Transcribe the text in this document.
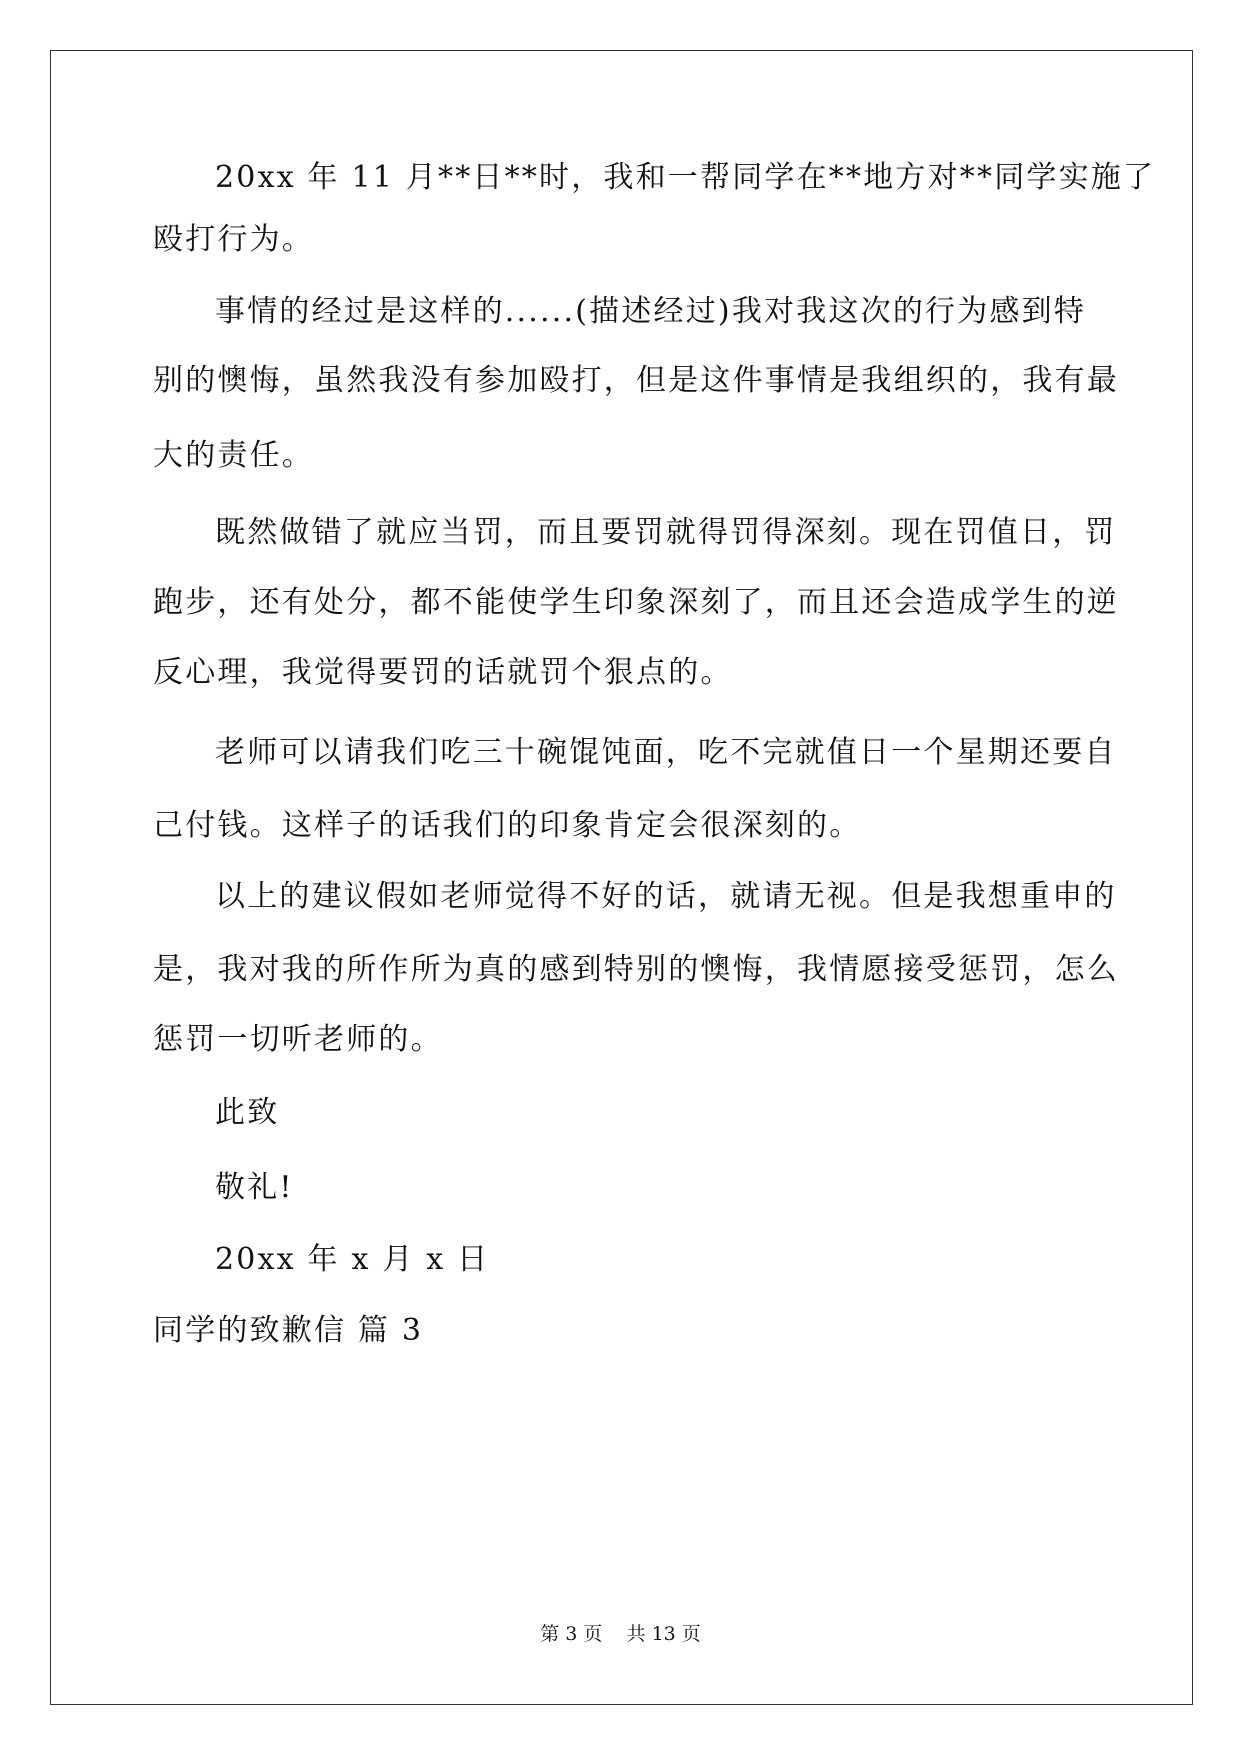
20xx 年 11 月**日**时，我和一帮同学在**地方对**同学实施了
殴打行为。
事情的经过是这样的......(描述经过)我对我这次的行为感到特
别的懊悔，虽然我没有参加殴打，但是这件事情是我组织的，我有最
大的责任。
既然做错了就应当罚，而且要罚就得罚得深刻。现在罚值日，罚
跑步，还有处分，都不能使学生印象深刻了，而且还会造成学生的逆
反心理，我觉得要罚的话就罚个狠点的。
老师可以请我们吃三十碗馄饨面，吃不完就值日一个星期还要自
己付钱。这样子的话我们的印象肯定会很深刻的。
以上的建议假如老师觉得不好的话，就请无视。但是我想重申的
是，我对我的所作所为真的感到特别的懊悔，我情愿接受惩罚，怎么
惩罚一切听老师的。
此致
敬礼!
20xx 年 x 月 x 日
同学的致歉信 篇 3
第 3 页    共 13 页
